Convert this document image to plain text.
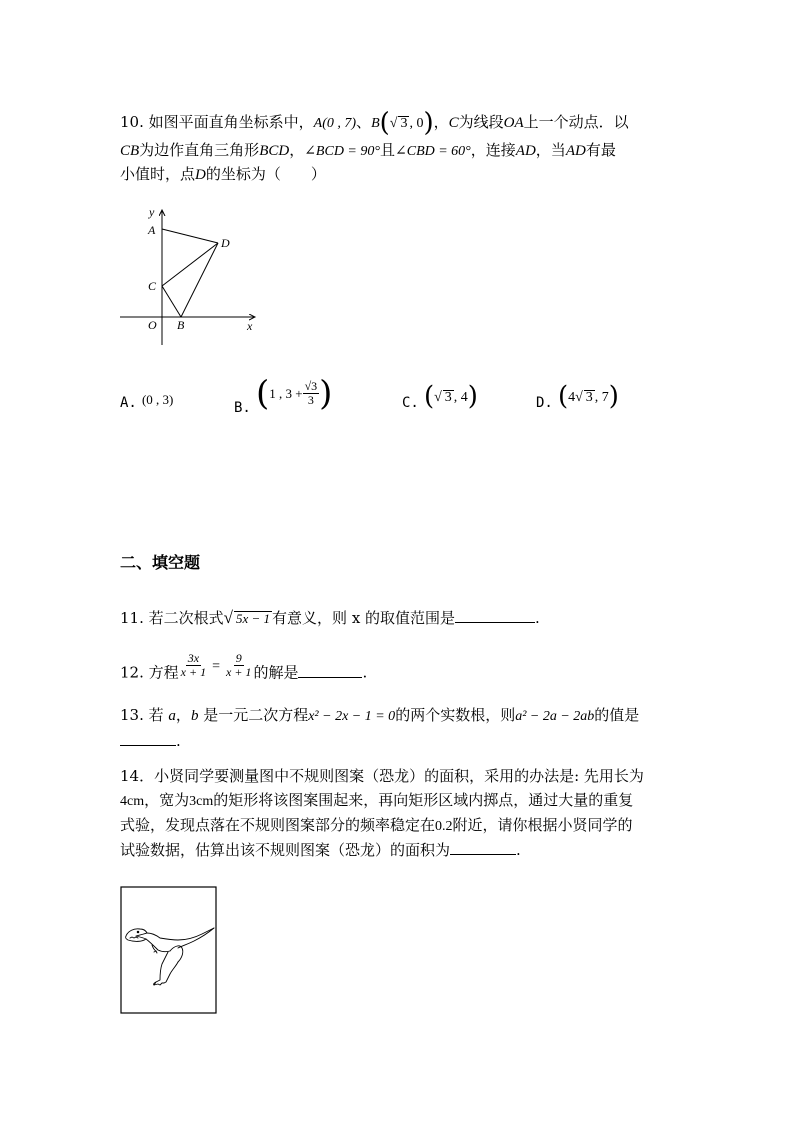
10. 如图平面直角坐标系中，A(0 , 7)、B(√ 3 , 0)，C为线段OA上一个动点．以
CB为边作直角三角形BCD，∠BCD = 90°且∠CBD = 60°，连接AD，当AD有最
小值时，点D的坐标为（　　）
y
A
D
C
O B	x
A. (0 , 3)
B. (1 , $3 + \frac{√3}{3}$ )	C. (√ 3 , 4)	D. (4√ 3 , 7)
二、填空题
11. 若二次根式√ 5x − 1 有意义，则 x 的取值范围是	.
12. 方程 $\frac{3x}{x + 1} = \frac{9}{x + 1}$ 的解是	.
13. 若 a，b 是一元二次方程x² − 2x − 1 = 0的两个实数根，则a² − 2a − 2ab的值是
.
14．小贤同学要测量图中不规则图案（恐龙）的面积，采用的办法是: 先用长为
4cm，宽为3cm的矩形将该图案围起来，再向矩形区域内掷点，通过大量的重复
式验，发现点落在不规则图案部分的频率稳定在0.2附近，请你根据小贤同学的
试验数据，估算出该不规则图案（恐龙）的面积为	.
